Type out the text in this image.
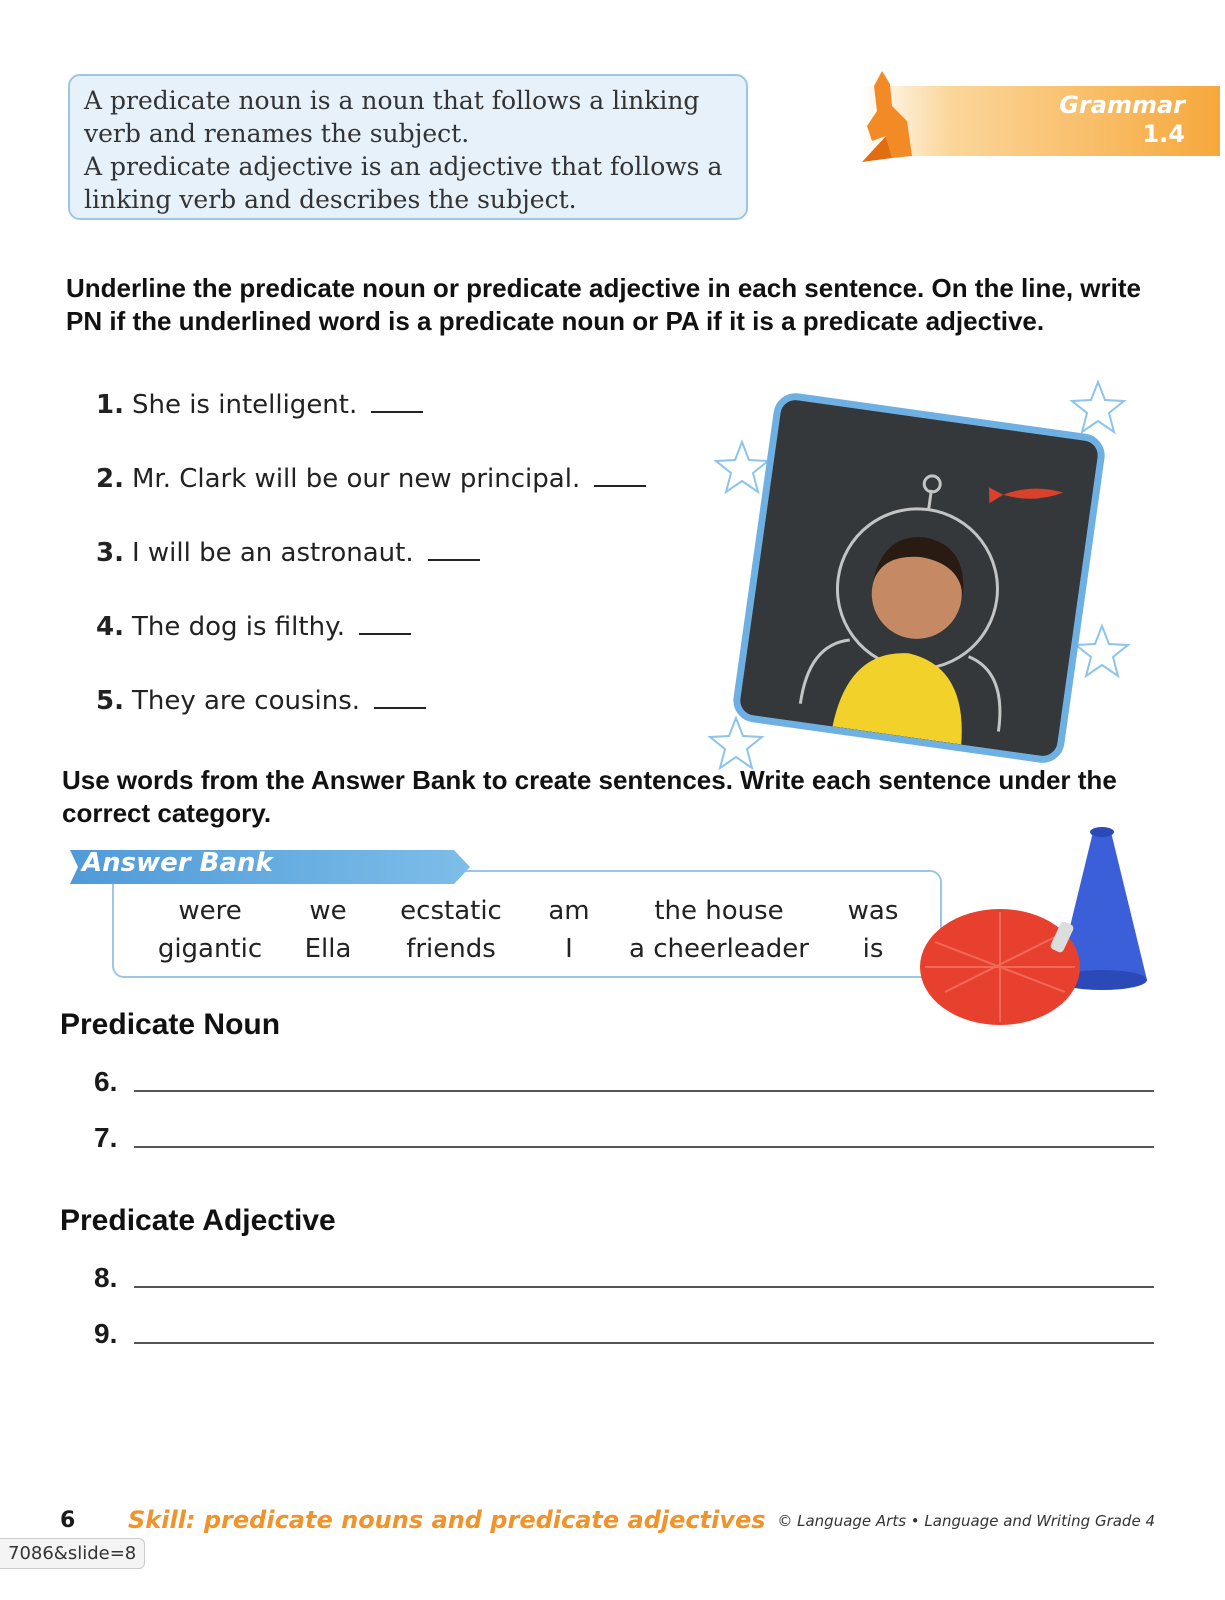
A predicate noun is a noun that follows a linking verb and renames the subject.

A predicate adjective is an adjective that follows a linking verb and describes the subject.

Grammar
1.4
Underline the predicate noun or predicate adjective in each sentence. On the line, write PN if the underlined word is a predicate noun or PA if it is a predicate adjective.
1. She is intelligent.
2. Mr. Clark will be our new principal.
3. I will be an astronaut.
4. The dog is filthy.
5. They are cousins.
Use words from the Answer Bank to create sentences. Write each sentence under the correct category.
Answer Bank
were	we ecstatic am the house was
gigantic Ella friends	I a cheerleader is
Predicate Noun
6.
7.
Predicate Adjective
8.
9.
6 Skill: predicate nouns and predicate adjectives © Language Arts • Language and Writing Grade 4
7086&slide=8
